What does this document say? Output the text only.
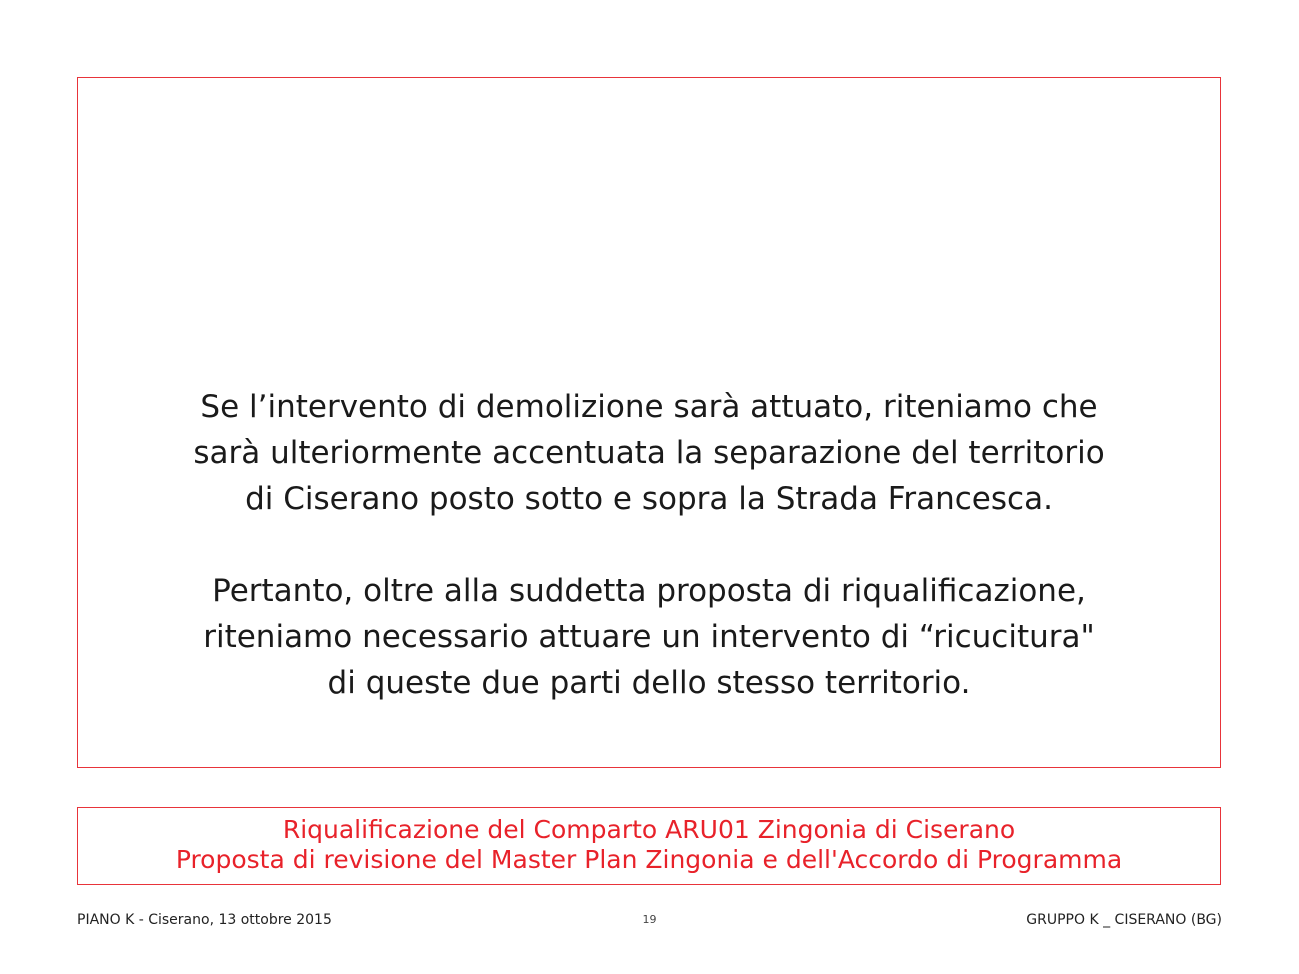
Se l’intervento di demolizione sarà attuato, riteniamo che
sarà ulteriormente accentuata la separazione del territorio
di Ciserano posto sotto e sopra la Strada Francesca.

Pertanto, oltre alla suddetta proposta di riqualificazione,
riteniamo necessario attuare un intervento di “ricucitura"
di queste due parti dello stesso territorio.

Riqualificazione del Comparto ARU01 Zingonia di Ciserano
Proposta di revisione del Master Plan Zingonia e dell'Accordo di Programma
PIANO K - Ciserano, 13 ottobre 2015	19	GRUPPO K _ CISERANO (BG)
